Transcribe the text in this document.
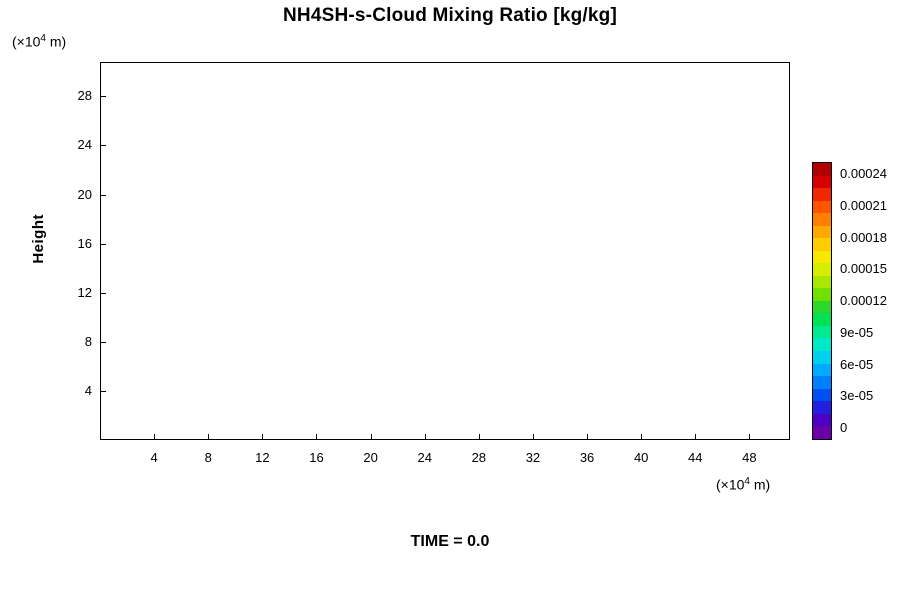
NH4SH-s-Cloud Mixing Ratio [kg/kg]
($\times 10^4$ m)
Height
($\times 10^4$ m)
4
8
12
16
20
24
28
4	8	12	16	20	24	28	32	36	40	44	48
0.00024
0.00021
0.00018
0.00015
0.00012
9e-05
6e-05
3e-05
0
TIME = 0.0
